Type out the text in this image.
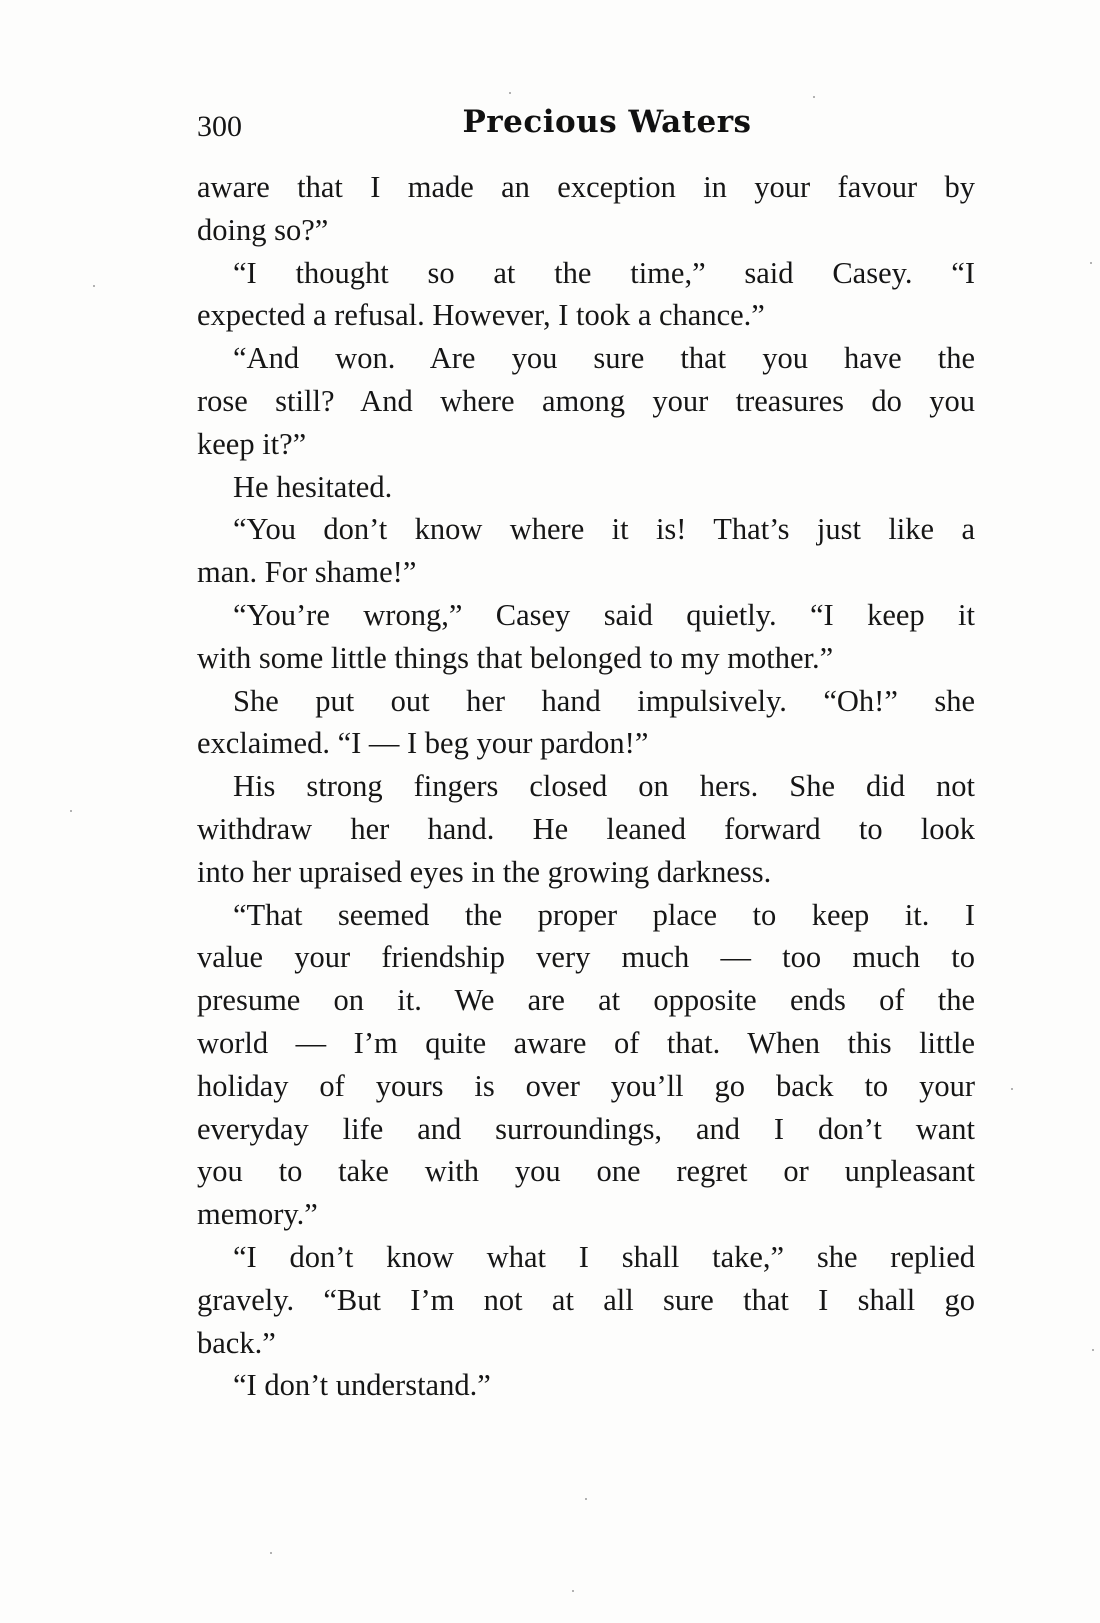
300	Precious Waters

aware that I made an exception in your favour by
doing so?”

“I thought so at the time,” said Casey. “I
expected a refusal. However, I took a chance.”

“And won. Are you sure that you have the
rose still? And where among your treasures do you
keep it?”

He hesitated.

“You don’t know where it is! That’s just like a
man. For shame!”

“You’re wrong,” Casey said quietly. “I keep it
with some little things that belonged to my mother.”

She put out her hand impulsively. “Oh!” she
exclaimed. “I — I beg your pardon!”

His strong fingers closed on hers. She did not
withdraw her hand. He leaned forward to look
into her upraised eyes in the growing darkness.

“That seemed the proper place to keep it. I
value your friendship very much — too much to
presume on it. We are at opposite ends of the
world — I’m quite aware of that. When this little
holiday of yours is over you’ll go back to your
everyday life and surroundings, and I don’t want
you to take with you one regret or unpleasant
memory.”

“I don’t know what I shall take,” she replied
gravely. “But I’m not at all sure that I shall go
back.”

“I don’t understand.”
